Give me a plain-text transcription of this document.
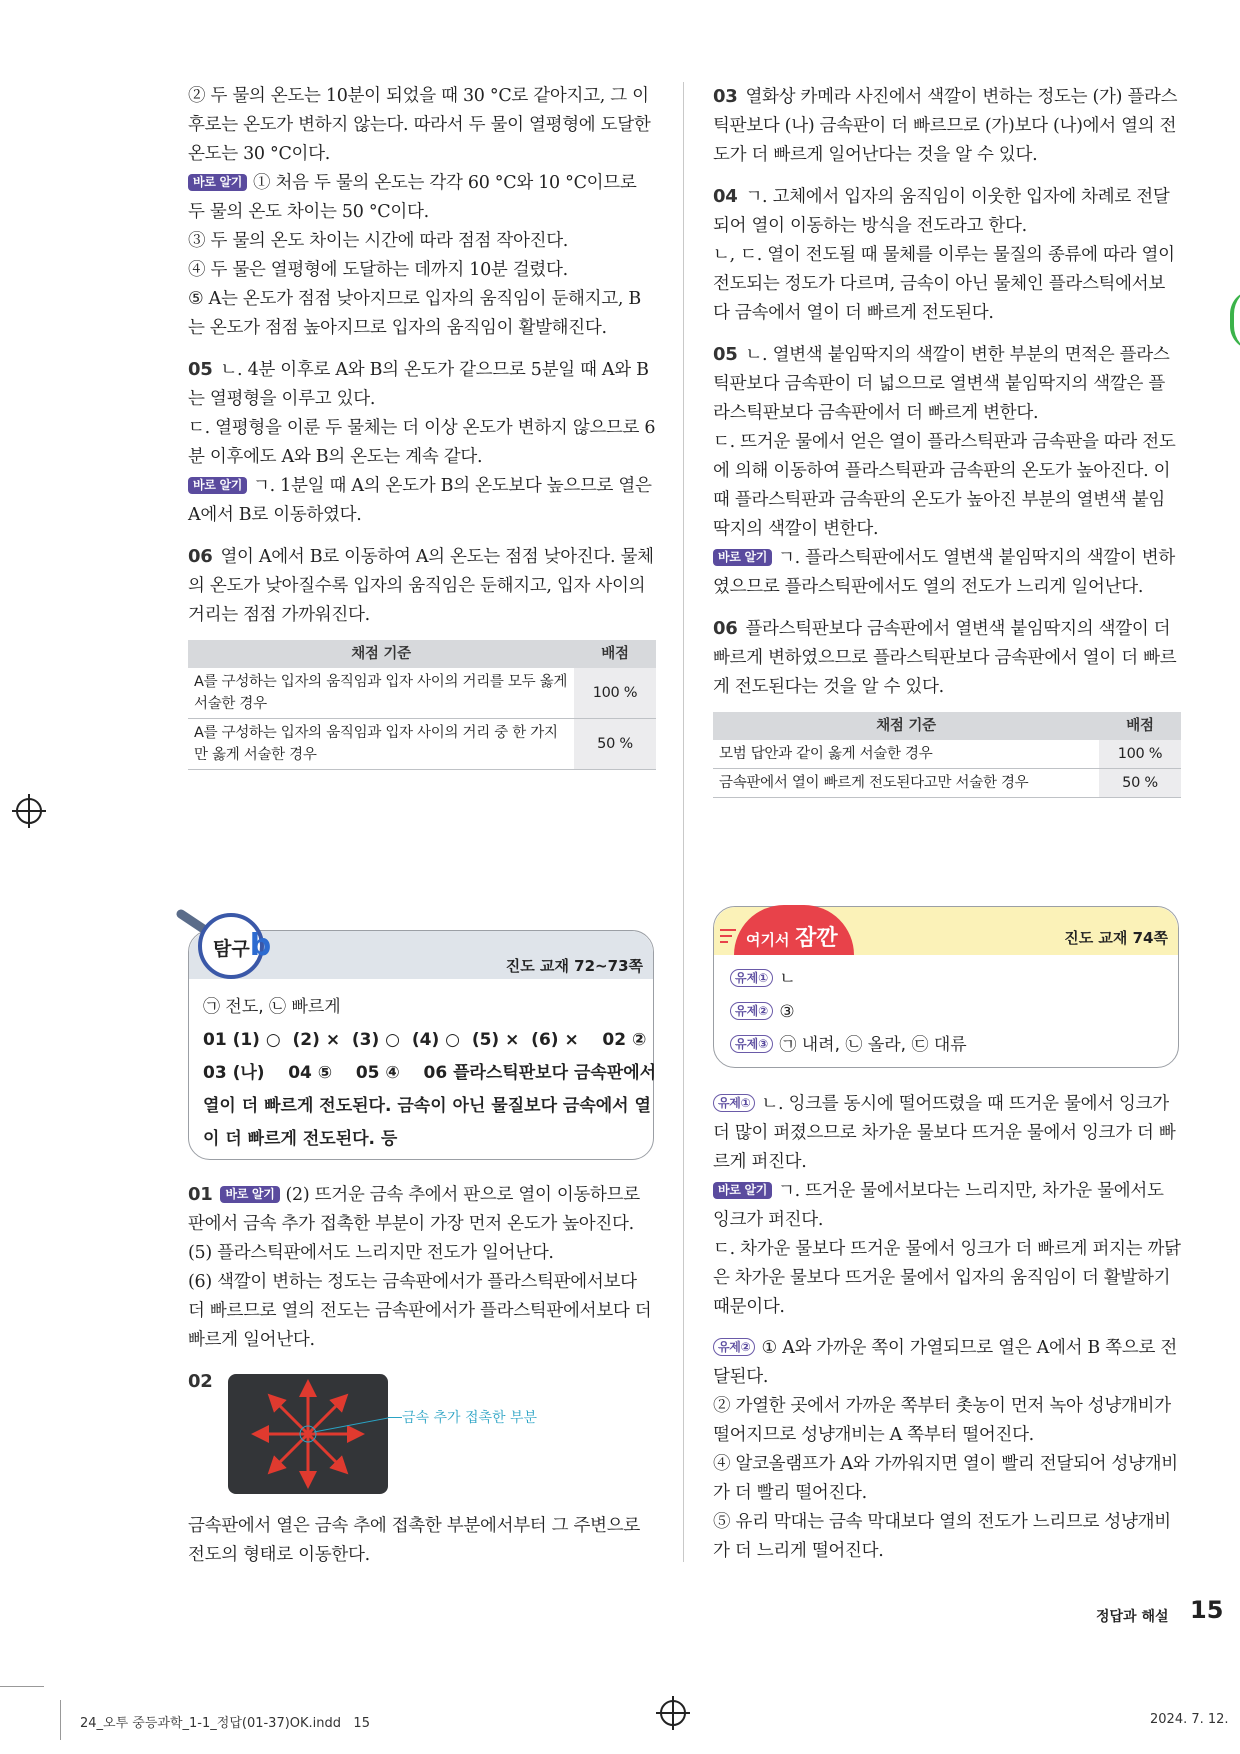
② 두 물의 온도는 10분이 되었을 때 30 °C로 같아지고, 그 이후로는 온도가 변하지 않는다. 따라서 두 물이 열평형에 도달한 온도는 30 °C이다.

바로 알기 ① 처음 두 물의 온도는 각각 60 °C와 10 °C이므로 두 물의 온도 차이는 50 °C이다.

③ 두 물의 온도 차이는 시간에 따라 점점 작아진다.

④ 두 물은 열평형에 도달하는 데까지 10분 걸렸다.

⑤ A는 온도가 점점 낮아지므로 입자의 움직임이 둔해지고, B는 온도가 점점 높아지므로 입자의 움직임이 활발해진다.

05 ㄴ. 4분 이후로 A와 B의 온도가 같으므로 5분일 때 A와 B는 열평형을 이루고 있다.

ㄷ. 열평형을 이룬 두 물체는 더 이상 온도가 변하지 않으므로 6분 이후에도 A와 B의 온도는 계속 같다.

바로 알기 ㄱ. 1분일 때 A의 온도가 B의 온도보다 높으므로 열은 A에서 B로 이동하였다.

06 열이 A에서 B로 이동하여 A의 온도는 점점 낮아진다. 물체의 온도가 낮아질수록 입자의 움직임은 둔해지고, 입자 사이의 거리는 점점 가까워진다.

채점 기준	배점
A를 구성하는 입자의 움직임과 입자 사이의 거리를 모두 옳게 서술한 경우	100 %
A를 구성하는 입자의 움직임과 입자 사이의 거리 중 한 가지만 옳게 서술한 경우	50 %
진도 교재 72~73쪽
㉠ 전도, ㉡ 빠르게
01 (1) ○  (2) ×  (3) ○  (4) ○  (5) ×  (6) ×    02 ②
03 (나)    04 ⑤    05 ④    06 플라스틱판보다 금속판에서
열이 더 빠르게 전도된다. 금속이 아닌 물질보다 금속에서 열
이 더 빠르게 전도된다. 등
탐구b

01 바로 알기 (2) 뜨거운 금속 추에서 판으로 열이 이동하므로 판에서 금속 추가 접촉한 부분이 가장 먼저 온도가 높아진다.

(5) 플라스틱판에서도 느리지만 전도가 일어난다.

(6) 색깔이 변하는 정도는 금속판에서가 플라스틱판에서보다 더 빠르므로 열의 전도는 금속판에서가 플라스틱판에서보다 더 빠르게 일어난다.

02

금속 추가 접촉한 부분

금속판에서 열은 금속 추에 접촉한 부분에서부터 그 주변으로 전도의 형태로 이동한다.

03 열화상 카메라 사진에서 색깔이 변하는 정도는 (가) 플라스틱판보다 (나) 금속판이 더 빠르므로 (가)보다 (나)에서 열의 전도가 더 빠르게 일어난다는 것을 알 수 있다.

04 ㄱ. 고체에서 입자의 움직임이 이웃한 입자에 차례로 전달되어 열이 이동하는 방식을 전도라고 한다.

ㄴ, ㄷ. 열이 전도될 때 물체를 이루는 물질의 종류에 따라 열이 전도되는 정도가 다르며, 금속이 아닌 물체인 플라스틱에서보다 금속에서 열이 더 빠르게 전도된다.

05 ㄴ. 열변색 붙임딱지의 색깔이 변한 부분의 면적은 플라스틱판보다 금속판이 더 넓으므로 열변색 붙임딱지의 색깔은 플라스틱판보다 금속판에서 더 빠르게 변한다.

ㄷ. 뜨거운 물에서 얻은 열이 플라스틱판과 금속판을 따라 전도에 의해 이동하여 플라스틱판과 금속판의 온도가 높아진다. 이때 플라스틱판과 금속판의 온도가 높아진 부분의 열변색 붙임딱지의 색깔이 변한다.

바로 알기 ㄱ. 플라스틱판에서도 열변색 붙임딱지의 색깔이 변하였으므로 플라스틱판에서도 열의 전도가 느리게 일어난다.

06 플라스틱판보다 금속판에서 열변색 붙임딱지의 색깔이 더 빠르게 변하였으므로 플라스틱판보다 금속판에서 열이 더 빠르게 전도된다는 것을 알 수 있다.

채점 기준	배점
모범 답안과 같이 옳게 서술한 경우	100 %
금속판에서 열이 빠르게 전도된다고만 서술한 경우	50 %
여기서 잠깐	진도 교재 74쪽
유제① ㄴ
유제② ③
유제③ ㉠ 내려, ㉡ 올라, ㉢ 대류

유제① ㄴ. 잉크를 동시에 떨어뜨렸을 때 뜨거운 물에서 잉크가 더 많이 퍼졌으므로 차가운 물보다 뜨거운 물에서 잉크가 더 빠르게 퍼진다.

바로 알기 ㄱ. 뜨거운 물에서보다는 느리지만, 차가운 물에서도 잉크가 퍼진다.

ㄷ. 차가운 물보다 뜨거운 물에서 잉크가 더 빠르게 퍼지는 까닭은 차가운 물보다 뜨거운 물에서 입자의 움직임이 더 활발하기 때문이다.

유제② ① A와 가까운 쪽이 가열되므로 열은 A에서 B 쪽으로 전달된다.

② 가열한 곳에서 가까운 쪽부터 촛농이 먼저 녹아 성냥개비가 떨어지므로 성냥개비는 A 쪽부터 떨어진다.

④ 알코올램프가 A와 가까워지면 열이 빨리 전달되어 성냥개비가 더 빨리 떨어진다.

⑤ 유리 막대는 금속 막대보다 열의 전도가 느리므로 성냥개비가 더 느리게 떨어진다.

정답과 해설 15
24_오투 중등과학_1-1_정답(01-37)OK.indd   15	2024. 7. 12.
